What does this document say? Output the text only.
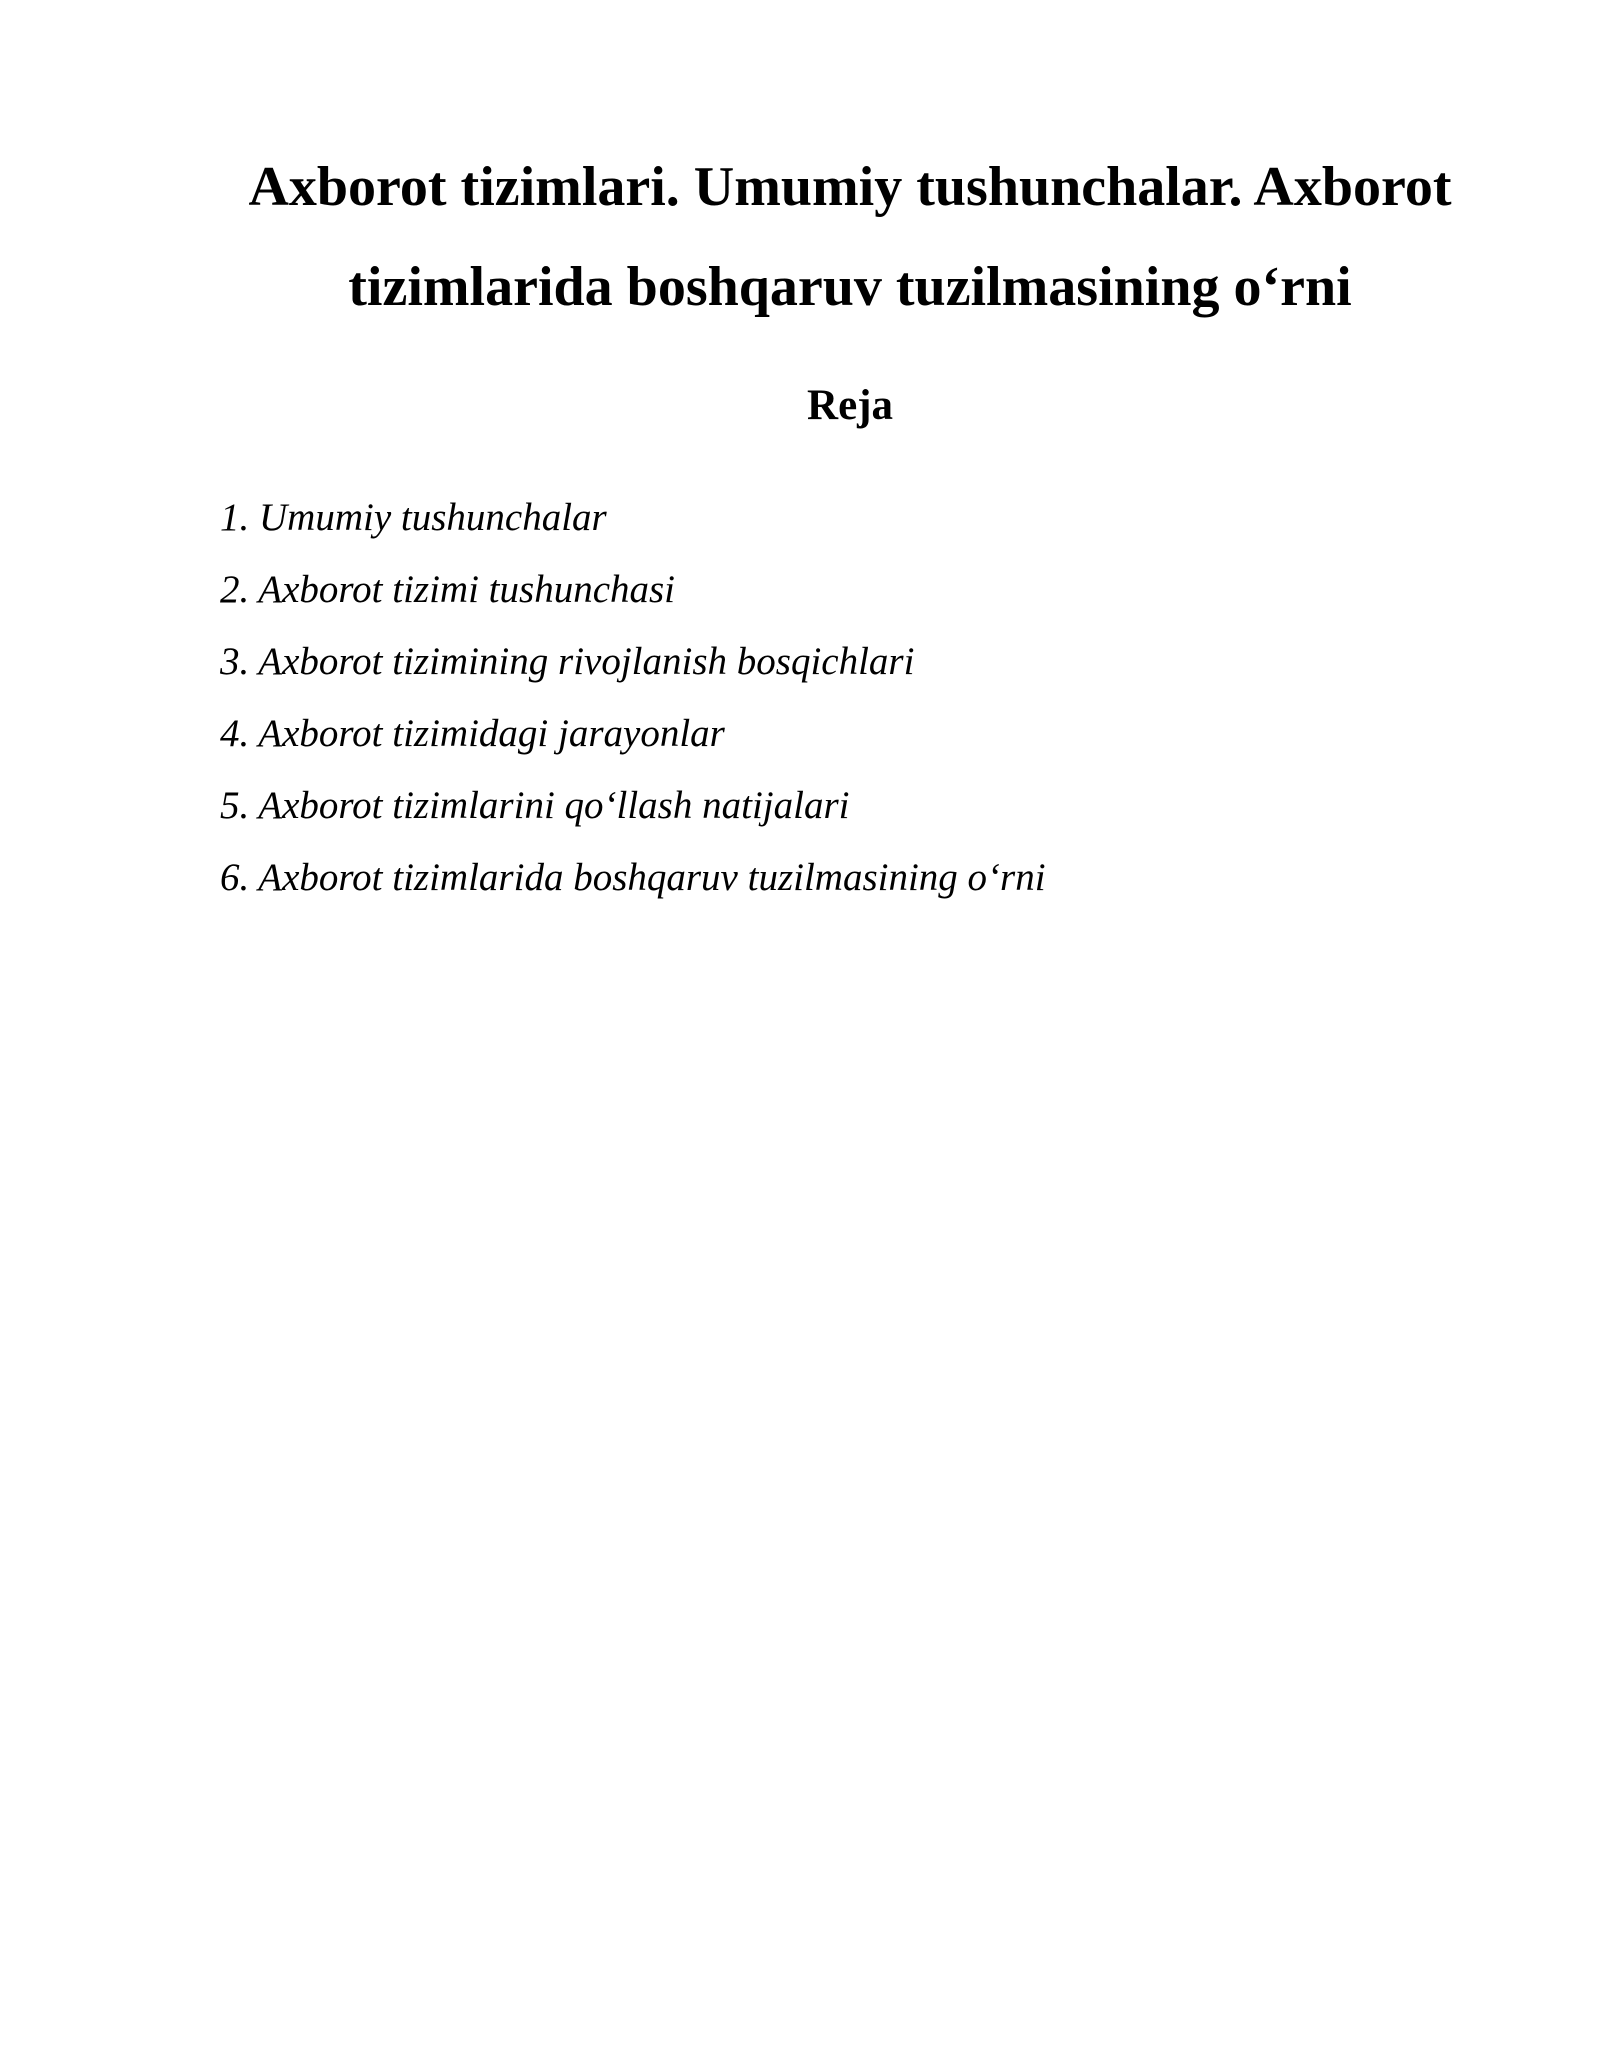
Axborot tizimlari. Umumiy tushunchalar. Axborot
tizimlarida boshqaruv tuzilmasining o‘rni
Reja
1. Umumiy tushunchalar
2. Axborot tizimi tushunchasi
3. Axborot tizimining rivojlanish bosqichlari
4. Axborot tizimidagi jarayonlar
5. Axborot tizimlarini qo‘llash natijalari
6. Axborot tizimlarida boshqaruv tuzilmasining o‘rni
